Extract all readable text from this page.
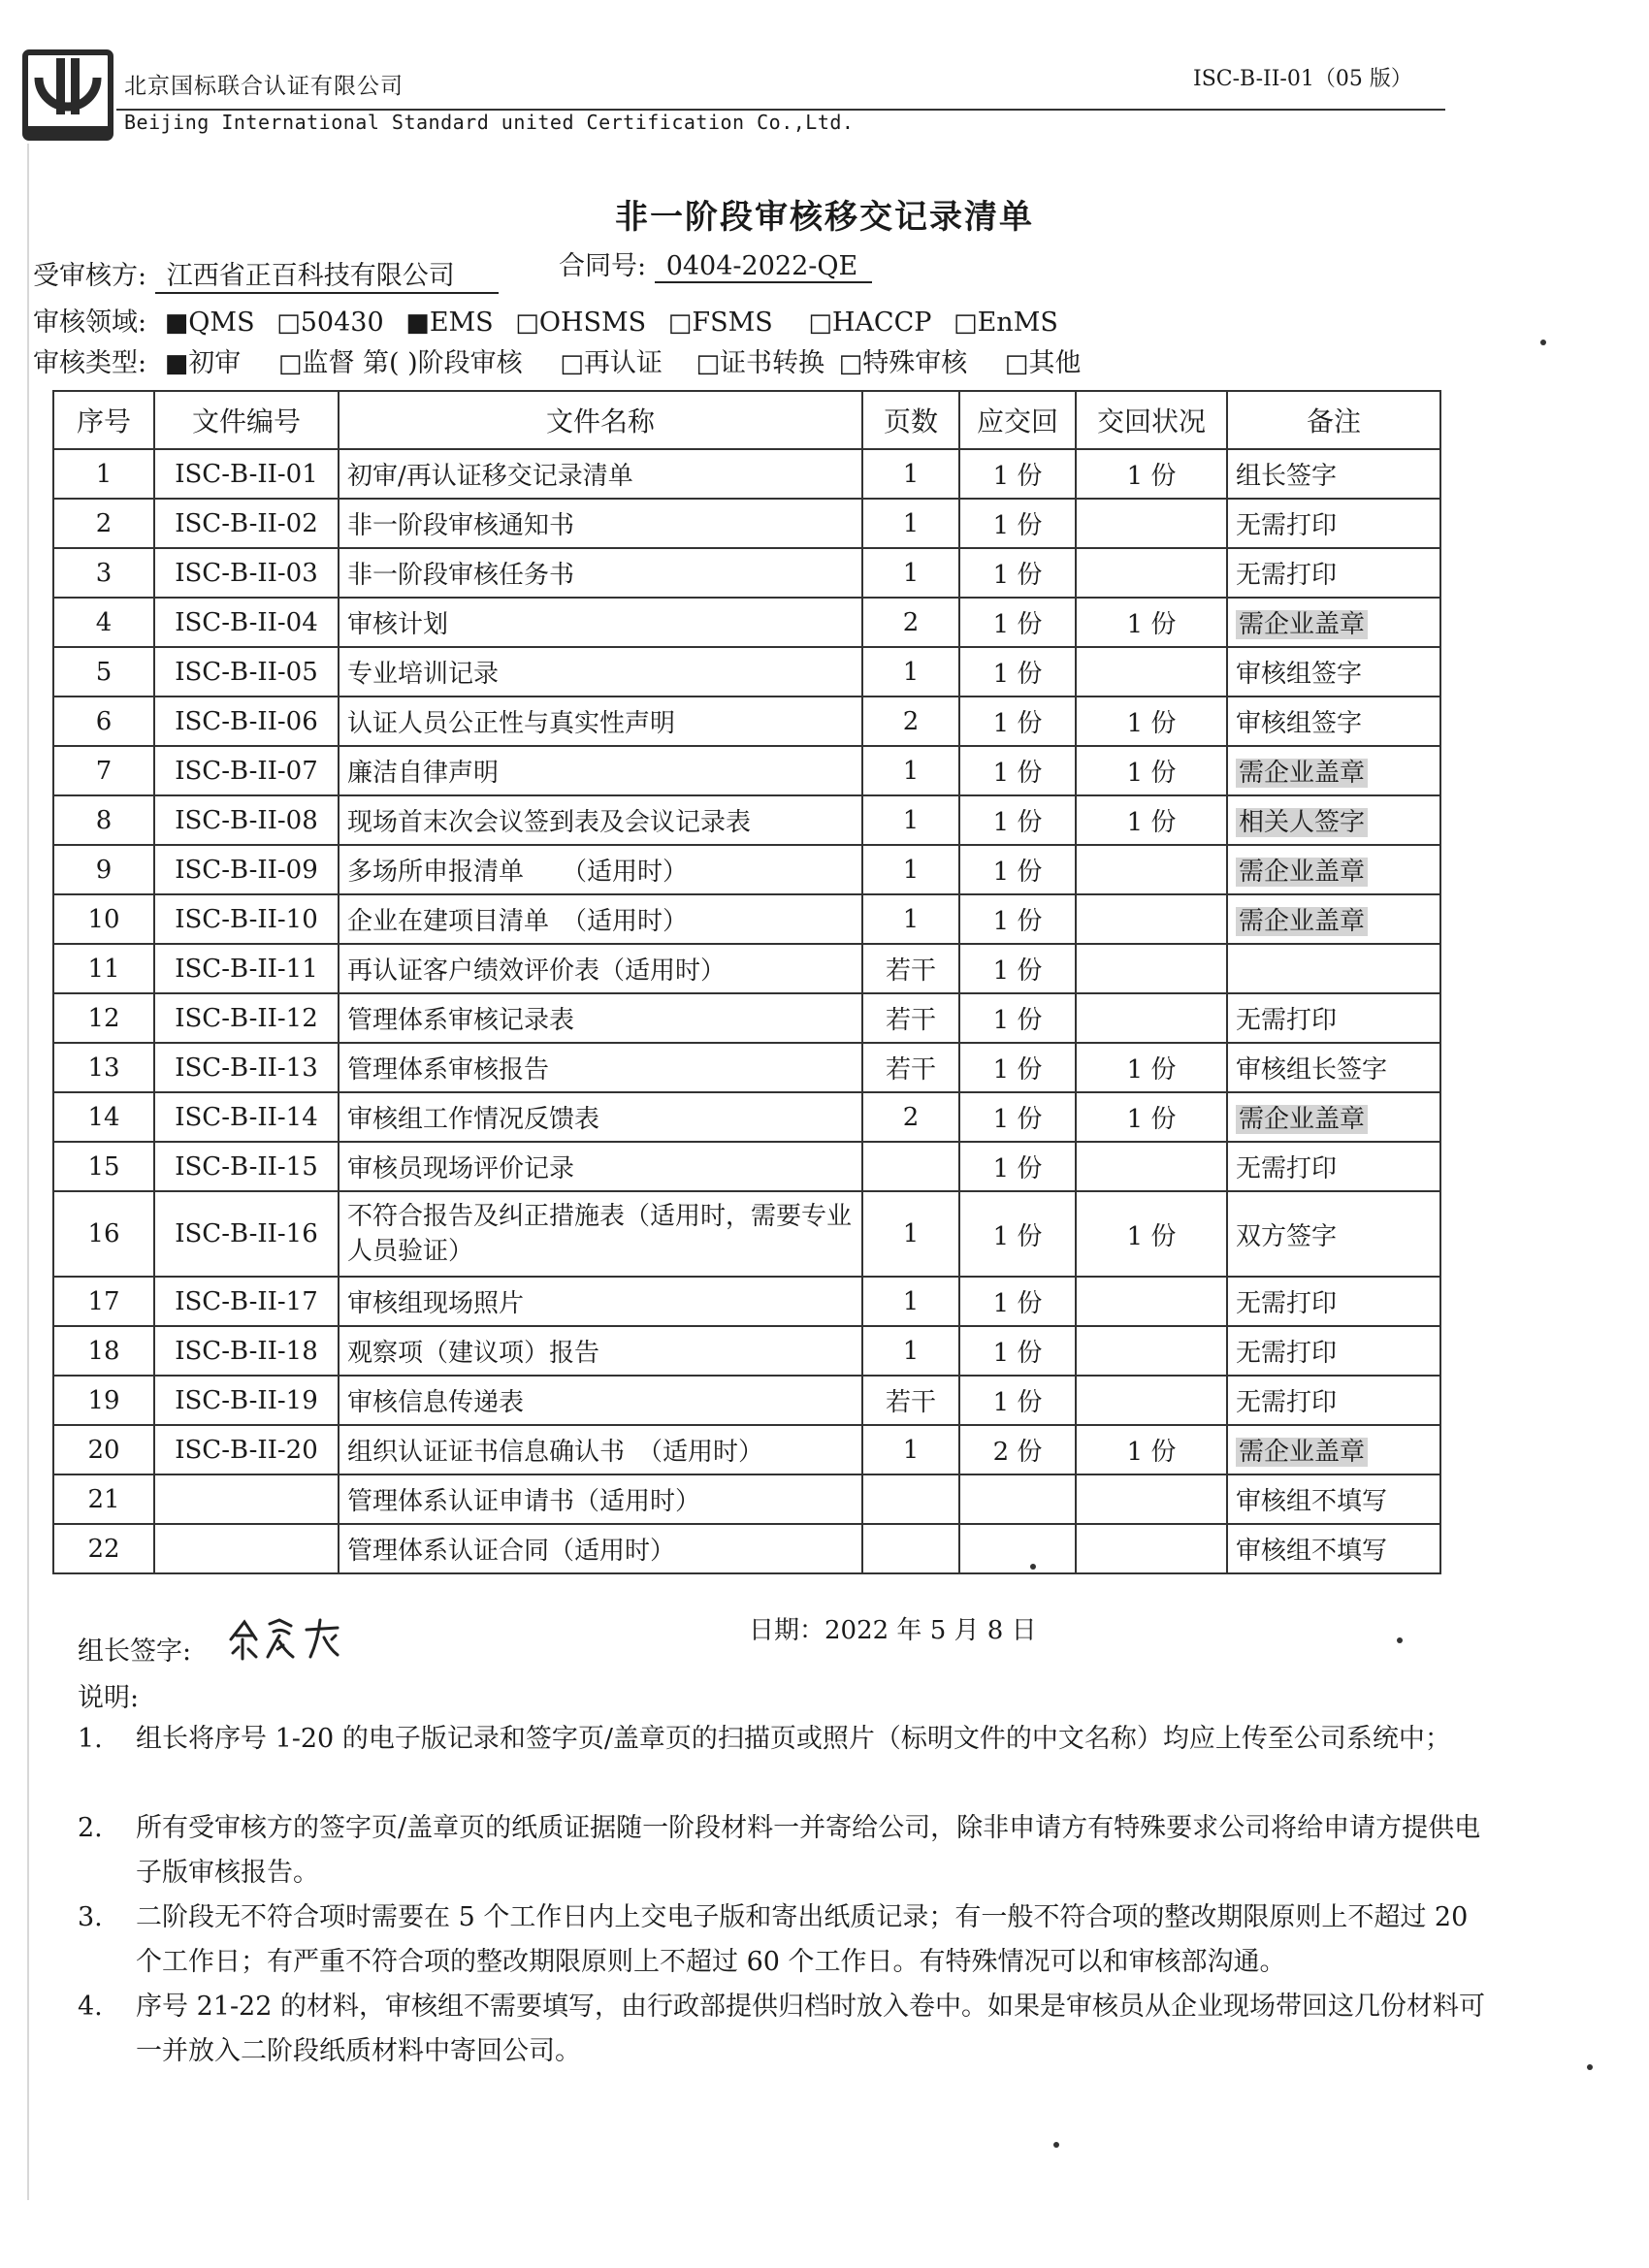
北京国标联合认证有限公司
Beijing International Standard united Certification Co.,Ltd.
ISC-B-II-01（05 版）
非一阶段审核移交记录清单
受审核方: 江西省正百科技有限公司	合同号: 0404-2022-QE
审核领域: ■QMS □50430 ■EMS □OHSMS □FSMS □HACCP □EnMS
审核类型: ■初审 □监督 第( )阶段审核 □再认证 □证书转换 □特殊审核 □其他
序号	文件编号	文件名称	页数	应交回	交回状况	备注
1	ISC-B-II-01	初审/再认证移交记录清单	1	1 份	1 份	组长签字
2	ISC-B-II-02	非一阶段审核通知书	1	1 份		无需打印
3	ISC-B-II-03	非一阶段审核任务书	1	1 份		无需打印
4	ISC-B-II-04	审核计划	2	1 份	1 份	需企业盖章
5	ISC-B-II-05	专业培训记录	1	1 份		审核组签字
6	ISC-B-II-06	认证人员公正性与真实性声明	2	1 份	1 份	审核组签字
7	ISC-B-II-07	廉洁自律声明	1	1 份	1 份	需企业盖章
8	ISC-B-II-08	现场首末次会议签到表及会议记录表	1	1 份	1 份	相关人签字
9	ISC-B-II-09	多场所申报清单　　（适用时）	1	1 份		需企业盖章
10	ISC-B-II-10	企业在建项目清单　（适用时）	1	1 份		需企业盖章
11	ISC-B-II-11	再认证客户绩效评价表（适用时）	若干	1 份		
12	ISC-B-II-12	管理体系审核记录表	若干	1 份		无需打印
13	ISC-B-II-13	管理体系审核报告	若干	1 份	1 份	审核组长签字
14	ISC-B-II-14	审核组工作情况反馈表	2	1 份	1 份	需企业盖章
15	ISC-B-II-15	审核员现场评价记录		1 份		无需打印
16	ISC-B-II-16	不符合报告及纠正措施表（适用时，需要专业人员验证）	1	1 份	1 份	双方签字
17	ISC-B-II-17	审核组现场照片	1	1 份		无需打印
18	ISC-B-II-18	观察项（建议项）报告	1	1 份		无需打印
19	ISC-B-II-19	审核信息传递表	若干	1 份		无需打印
20	ISC-B-II-20	组织认证证书信息确认书　（适用时）	1	2 份	1 份	需企业盖章
21		管理体系认证申请书（适用时）				审核组不填写
22		管理体系认证合同（适用时）				审核组不填写
组长签字:
日期：2022 年 5 月 8 日
说明:
1.	组长将序号 1-20 的电子版记录和签字页/盖章页的扫描页或照片（标明文件的中文名称）均应上传至公司系统中；
2.	所有受审核方的签字页/盖章页的纸质证据随一阶段材料一并寄给公司，除非申请方有特殊要求公司将给申请方提供电子版审核报告。
3.	二阶段无不符合项时需要在 5 个工作日内上交电子版和寄出纸质记录；有一般不符合项的整改期限原则上不超过 20 个工作日；有严重不符合项的整改期限原则上不超过 60 个工作日。有特殊情况可以和审核部沟通。
4.	序号 21-22 的材料，审核组不需要填写，由行政部提供归档时放入卷中。如果是审核员从企业现场带回这几份材料可一并放入二阶段纸质材料中寄回公司。
